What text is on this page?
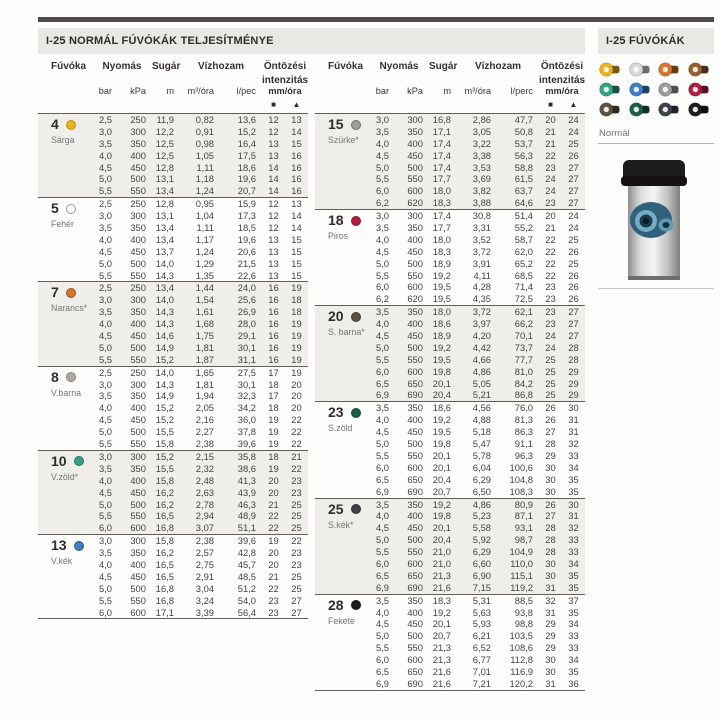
I-25 NORMÁL FÚVÓKÁK TELJESÍTMÉNYE	I-25 FÚVÓKÁK
Fúvóka	Nyomás	Sugár	Vízhozam	Öntözési
intenzitás
bar	kPa	m	m³/óra	l/pec	mm/óra
■	▲
4
Sárga
2,5	250	11,9	0,82	13,6	12	13
3,0	300	12,2	0,91	15,2	12	14
3,5	350	12,5	0,98	16,4	13	15
4,0	400	12,5	1,05	17,5	13	16
4,5	450	12,8	1,11	18,6	14	16
5,0	500	13,1	1,18	19,6	14	16
5,5	550	13,4	1,24	20,7	14	16
5
Fehér
2,5	250	12,8	0,95	15,9	12	13
3,0	300	13,1	1,04	17,3	12	14
3,5	350	13,4	1,11	18,5	12	14
4,0	400	13,4	1,17	19,6	13	15
4,5	450	13,7	1,24	20,6	13	15
5,0	500	14,0	1,29	21,5	13	15
5,5	550	14,3	1,35	22,6	13	15
7
Narancs*
2,5	250	13,4	1,44	24,0	16	19
3,0	300	14,0	1,54	25,6	16	18
3,5	350	14,3	1,61	26,9	16	18
4,0	400	14,3	1,68	28,0	16	19
4,5	450	14,6	1,75	29,1	16	19
5,0	500	14,9	1,81	30,1	16	19
5,5	550	15,2	1,87	31,1	16	19
8
V.barna
2,5	250	14,0	1,65	27,5	17	19
3,0	300	14,3	1,81	30,1	18	20
3,5	350	14,9	1,94	32,3	17	20
4,0	400	15,2	2,05	34,2	18	20
4,5	450	15,2	2,16	36,0	19	22
5,0	500	15,5	2,27	37,8	19	22
5,5	550	15,8	2,38	39,6	19	22
10
V.zöld*
3,0	300	15,2	2,15	35,8	18	21
3,5	350	15,5	2,32	38,6	19	22
4,0	400	15,8	2,48	41,3	20	23
4,5	450	16,2	2,63	43,9	20	23
5,0	500	16,2	2,78	46,3	21	25
5,5	550	16,5	2,94	48,9	22	25
6,0	600	16,8	3,07	51,1	22	25
13
V.kék
3,0	300	15,8	2,38	39,6	19	22
3,5	350	16,2	2,57	42,8	20	23
4,0	400	16,5	2,75	45,7	20	23
4,5	450	16,5	2,91	48,5	21	25
5,0	500	16,8	3,04	51,2	22	25
5,5	550	16,8	3,24	54,0	23	27
6,0	600	17,1	3,39	56,4	23	27
Fúvóka	Nyomás	Sugár	Vízhozam	Öntözési
intenzitás
bar	kPa	m	m³/óra	l/perc	mm/óra
■	▲
15
Szürke*
3,0	300	16,8	2,86	47,7	20	24
3,5	350	17,1	3,05	50,8	21	24
4,0	400	17,4	3,22	53,7	21	25
4,5	450	17,4	3,38	56,3	22	26
5,0	500	17,4	3,53	58,8	23	27
5,5	550	17,7	3,69	61,5	24	27
6,0	600	18,0	3,82	63,7	24	27
6,2	620	18,3	3,88	64,6	23	27
18
Piros
3,0	300	17,4	30,8	51,4	20	24
3,5	350	17,7	3,31	55,2	21	24
4,0	400	18,0	3,52	58,7	22	25
4,5	450	18,3	3,72	62,0	22	26
5,0	500	18,9	3,91	65,2	22	25
5,5	550	19,2	4,11	68,5	22	26
6,0	600	19,5	4,28	71,4	23	26
6,2	620	19,5	4,35	72,5	23	26
20
S. barna*
3,5	350	18,0	3,72	62,1	23	27
4,0	400	18,6	3,97	66,2	23	27
4,5	450	18,9	4,20	70,1	24	27
5,0	500	19,2	4,42	73,7	24	28
5,5	550	19,5	4,66	77,7	25	28
6,0	600	19,8	4,86	81,0	25	29
6,5	650	20,1	5,05	84,2	25	29
6,9	690	20,4	5,21	86,8	25	29
23
S.zöld
3,5	350	18,6	4,56	76,0	26	30
4,0	400	19,2	4,88	81,3	26	31
4,5	450	19,5	5,18	86,3	27	31
5,0	500	19,8	5,47	91,1	28	32
5,5	550	20,1	5,78	96,3	29	33
6,0	600	20,1	6,04	100,6	30	34
6,5	650	20,4	6,29	104,8	30	35
6,9	690	20,7	6,50	108,3	30	35
25
S.kék*
3,5	350	19,2	4,86	80,9	26	30
4,0	400	19,8	5,23	87,1	27	31
4,5	450	20,1	5,58	93,1	28	32
5,0	500	20,4	5,92	98,7	28	33
5,5	550	21,0	6,29	104,9	28	33
6,0	600	21,0	6,60	110,0	30	34
6,5	650	21,3	6,90	115,1	30	35
6,9	690	21,6	7,15	119,2	31	35
28
Fekete
3,5	350	18,3	5,31	88,5	32	37
4,0	400	19,2	5,63	93,8	31	35
4,5	450	20,1	5,93	98,8	29	34
5,0	500	20,7	6,21	103,5	29	33
5,5	550	21,3	6,52	108,6	29	33
6,0	600	21,3	6,77	112,8	30	34
6,5	650	21,6	7,01	116,9	30	35
6,9	690	21,6	7,21	120,2	31	36
Normál
